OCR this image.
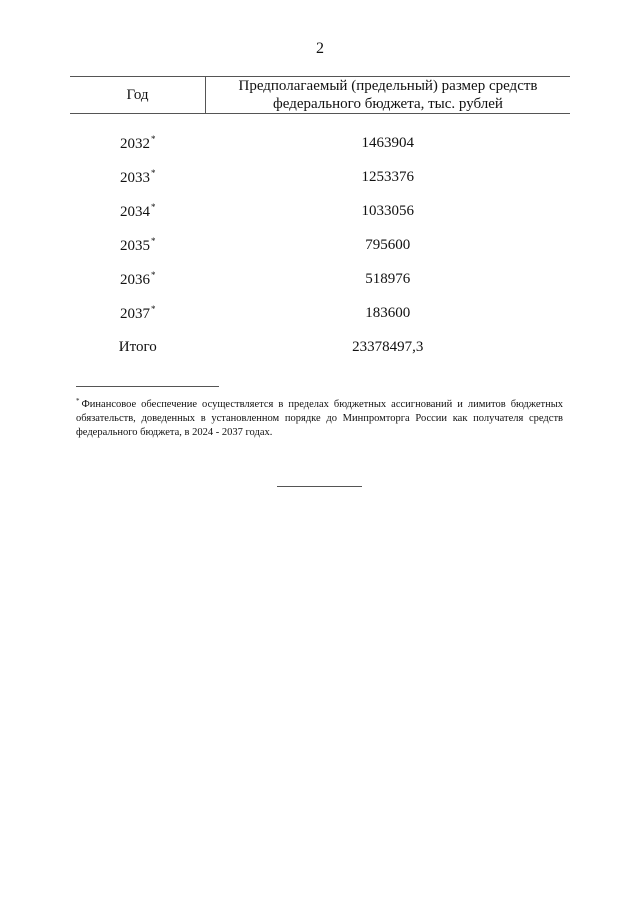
2
Год	Предполагаемый (предельный) размер средств
федерального бюджета, тыс. рублей

2032*	1463904
2033*	1253376
2034*	1033056
2035*	795600
2036*	518976
2037*	183600
Итого	23378497,3
* Финансовое обеспечение осуществляется в пределах бюджетных ассигнований и лимитов бюджетных обязательств, доведенных в установленном порядке до Минпромторга России как получателя средств федерального бюджета, в 2024 - 2037 годах.
